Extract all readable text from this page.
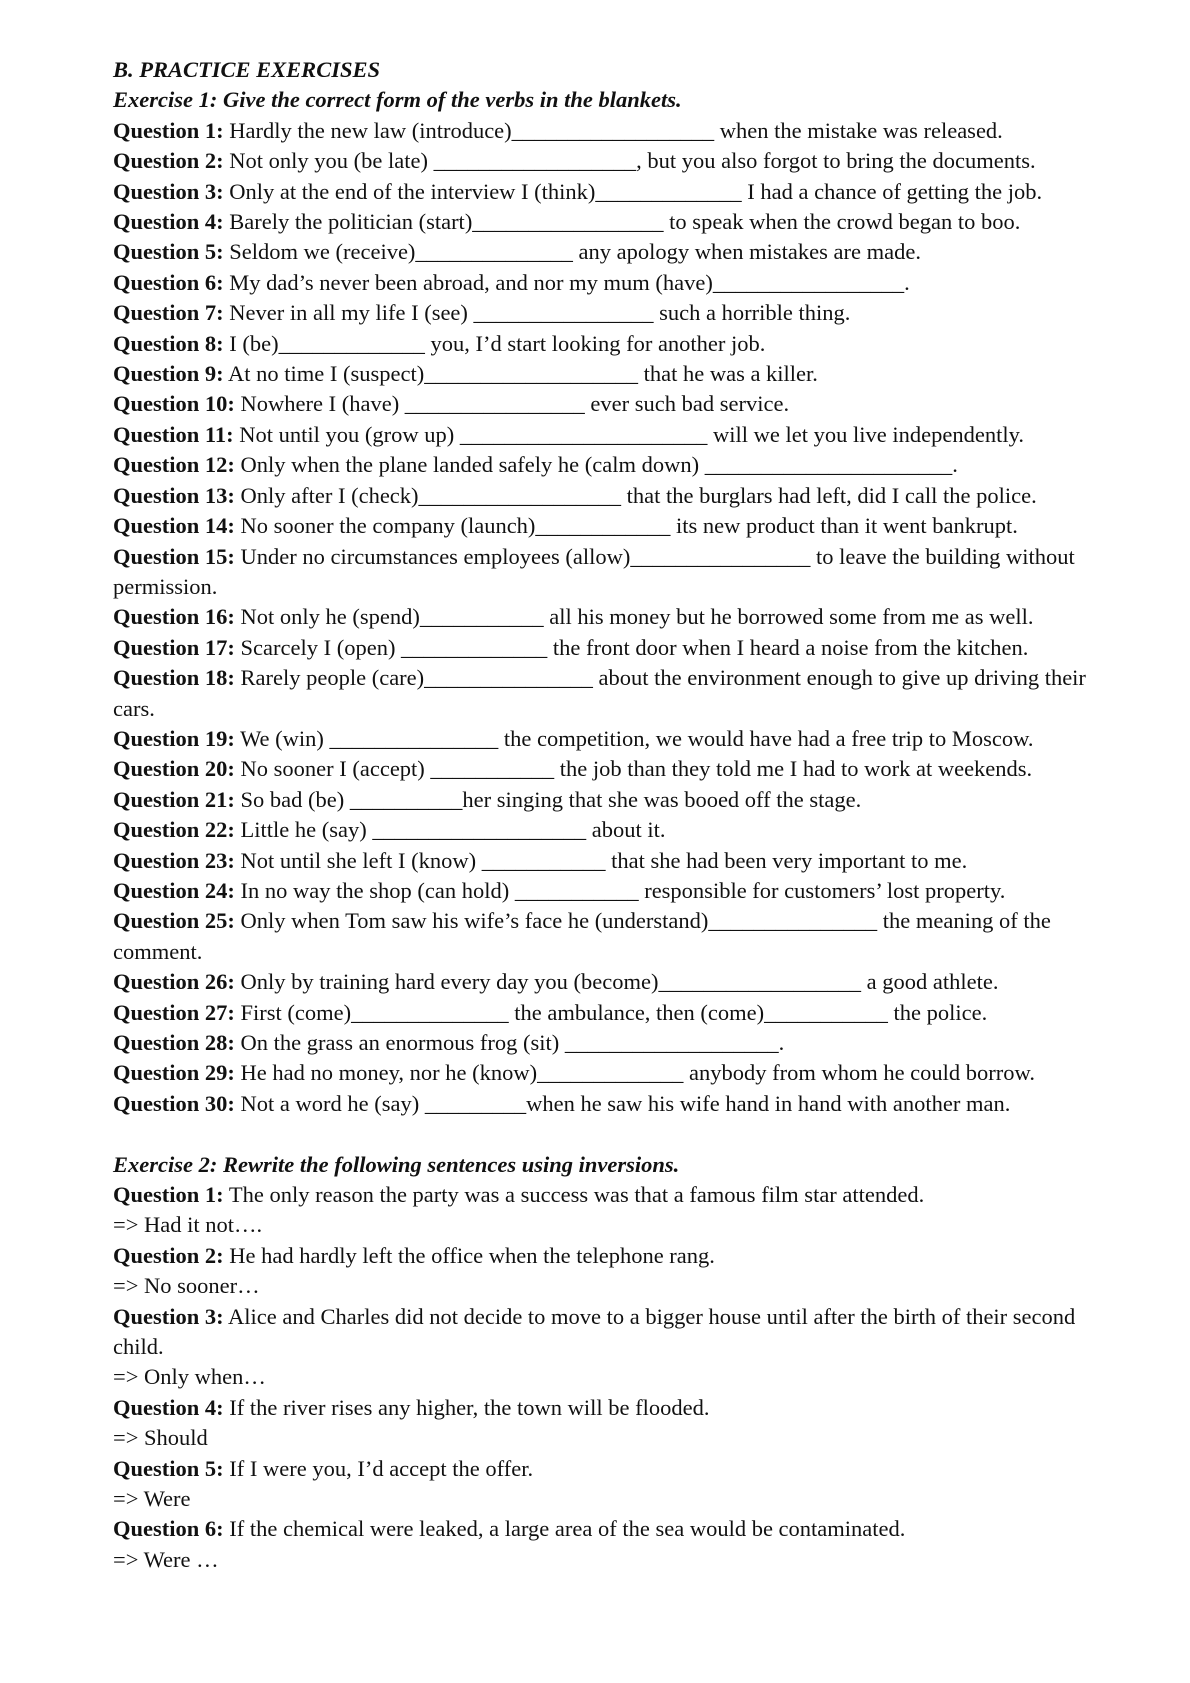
B. PRACTICE EXERCISES

Exercise 1: Give the correct form of the verbs in the blankets.

Question 1: Hardly the new law (introduce)__________________ when the mistake was released.

Question 2: Not only you (be late) __________________, but you also forgot to bring the documents.

Question 3: Only at the end of the interview I (think)_____________ I had a chance of getting the job.

Question 4: Barely the politician (start)_________________ to speak when the crowd began to boo.

Question 5: Seldom we (receive)______________ any apology when mistakes are made.

Question 6: My dad’s never been abroad, and nor my mum (have)_________________.

Question 7: Never in all my life I (see) ________________ such a horrible thing.

Question 8: I (be)_____________ you, I’d start looking for another job.

Question 9: At no time I (suspect)___________________ that he was a killer.

Question 10: Nowhere I (have) ________________ ever such bad service.

Question 11: Not until you (grow up) ______________________ will we let you live independently.

Question 12: Only when the plane landed safely he (calm down) ______________________.

Question 13: Only after I (check)__________________ that the burglars had left, did I call the police.

Question 14: No sooner the company (launch)____________ its new product than it went bankrupt.

Question 15: Under no circumstances employees (allow)________________ to leave the building without permission.

Question 16: Not only he (spend)___________ all his money but he borrowed some from me as well.

Question 17: Scarcely I (open) _____________ the front door when I heard a noise from the kitchen.

Question 18: Rarely people (care)_______________ about the environment enough to give up driving their cars.

Question 19: We (win) _______________ the competition, we would have had a free trip to Moscow.

Question 20: No sooner I (accept) ___________ the job than they told me I had to work at weekends.

Question 21: So bad (be) __________her singing that she was booed off the stage.

Question 22: Little he (say) ___________________ about it.

Question 23: Not until she left I (know) ___________ that she had been very important to me.

Question 24: In no way the shop (can hold) ___________ responsible for customers’ lost property.

Question 25: Only when Tom saw his wife’s face he (understand)_______________ the meaning of the comment.

Question 26: Only by training hard every day you (become)__________________ a good athlete.

Question 27: First (come)______________ the ambulance, then (come)___________ the police.

Question 28: On the grass an enormous frog (sit) ___________________.

Question 29: He had no money, nor he (know)_____________ anybody from whom he could borrow.

Question 30: Not a word he (say) _________when he saw his wife hand in hand with another man.

Exercise 2: Rewrite the following sentences using inversions.

Question 1: The only reason the party was a success was that a famous film star attended.

=> Had it not….

Question 2: He had hardly left the office when the telephone rang.

=> No sooner…

Question 3: Alice and Charles did not decide to move to a bigger house until after the birth of their second child.

=> Only when…

Question 4: If the river rises any higher, the town will be flooded.

=> Should

Question 5: If I were you, I’d accept the offer.

=> Were

Question 6: If the chemical were leaked, a large area of the sea would be contaminated.

=> Were …
